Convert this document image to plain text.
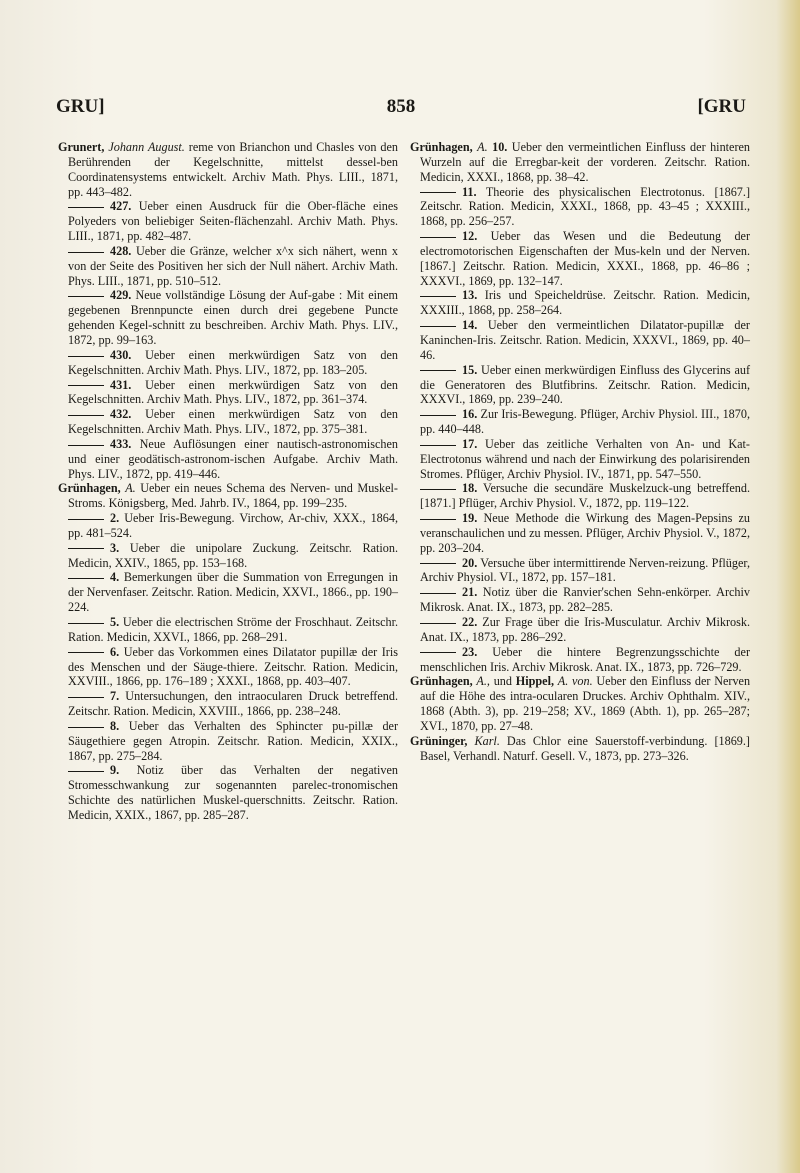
GRU]	858	[GRU

Grunert, Johann August. reme von Brianchon und Chasles von den Berührenden der Kegelschnitte, mittelst dessel-ben Coordinatensystems entwickelt. Archiv Math. Phys. LIII., 1871, pp. 443–482.

427. Ueber einen Ausdruck für die Ober-fläche eines Polyeders von beliebiger Seiten-flächenzahl. Archiv Math. Phys. LIII., 1871, pp. 482–487.

428. Ueber die Gränze, welcher x^x sich nähert, wenn x von der Seite des Positiven her sich der Null nähert. Archiv Math. Phys. LIII., 1871, pp. 510–512.

429. Neue vollständige Lösung der Auf-gabe : Mit einem gegebenen Brennpuncte einen durch drei gegebene Puncte gehenden Kegel-schnitt zu beschreiben. Archiv Math. Phys. LIV., 1872, pp. 99–163.

430. Ueber einen merkwürdigen Satz von den Kegelschnitten. Archiv Math. Phys. LIV., 1872, pp. 183–205.

431. Ueber einen merkwürdigen Satz von den Kegelschnitten. Archiv Math. Phys. LIV., 1872, pp. 361–374.

432. Ueber einen merkwürdigen Satz von den Kegelschnitten. Archiv Math. Phys. LIV., 1872, pp. 375–381.

433. Neue Auflösungen einer nautisch-astronomischen und einer geodätisch-astronom-ischen Aufgabe. Archiv Math. Phys. LIV., 1872, pp. 419–446.

Grünhagen, A. Ueber ein neues Schema des Nerven- und Muskel-Stroms. Königsberg, Med. Jahrb. IV., 1864, pp. 199–235.

2. Ueber Iris-Bewegung. Virchow, Ar-chiv, XXX., 1864, pp. 481–524.

3. Ueber die unipolare Zuckung. Zeitschr. Ration. Medicin, XXIV., 1865, pp. 153–168.

4. Bemerkungen über die Summation von Erregungen in der Nervenfaser. Zeitschr. Ration. Medicin, XXVI., 1866., pp. 190–224.

5. Ueber die electrischen Ströme der Froschhaut. Zeitschr. Ration. Medicin, XXVI., 1866, pp. 268–291.

6. Ueber das Vorkommen eines Dilatator pupillæ der Iris des Menschen und der Säuge-thiere. Zeitschr. Ration. Medicin, XXVIII., 1866, pp. 176–189 ; XXXI., 1868, pp. 403–407.

7. Untersuchungen, den intraocularen Druck betreffend. Zeitschr. Ration. Medicin, XXVIII., 1866, pp. 238–248.

8. Ueber das Verhalten des Sphincter pu-pillæ der Säugethiere gegen Atropin. Zeitschr. Ration. Medicin, XXIX., 1867, pp. 275–284.

9. Notiz über das Verhalten der negativen Stromesschwankung zur sogenannten parelec-tronomischen Schichte des natürlichen Muskel-querschnitts. Zeitschr. Ration. Medicin, XXIX., 1867, pp. 285–287.

Grünhagen, A. 10. Ueber den vermeintlichen Einfluss der hinteren Wurzeln auf die Erregbar-keit der vorderen. Zeitschr. Ration. Medicin, XXXI., 1868, pp. 38–42.

11. Theorie des physicalischen Electrotonus. [1867.] Zeitschr. Ration. Medicin, XXXI., 1868, pp. 43–45 ; XXXIII., 1868, pp. 256–257.

12. Ueber das Wesen und die Bedeutung der electromotorischen Eigenschaften der Mus-keln und der Nerven. [1867.] Zeitschr. Ration. Medicin, XXXI., 1868, pp. 46–86 ; XXXVI., 1869, pp. 132–147.

13. Iris und Speicheldrüse. Zeitschr. Ration. Medicin, XXXIII., 1868, pp. 258–264.

14. Ueber den vermeintlichen Dilatator-pupillæ der Kaninchen-Iris. Zeitschr. Ration. Medicin, XXXVI., 1869, pp. 40–46.

15. Ueber einen merkwürdigen Einfluss des Glycerins auf die Generatoren des Blutfibrins. Zeitschr. Ration. Medicin, XXXVI., 1869, pp. 239–240.

16. Zur Iris-Bewegung. Pflüger, Archiv Physiol. III., 1870, pp. 440–448.

17. Ueber das zeitliche Verhalten von An- und Kat-Electrotonus während und nach der Einwirkung des polarisirenden Stromes. Pflüger, Archiv Physiol. IV., 1871, pp. 547–550.

18. Versuche die secundäre Muskelzuck-ung betreffend. [1871.] Pflüger, Archiv Physiol. V., 1872, pp. 119–122.

19. Neue Methode die Wirkung des Magen-Pepsins zu veranschaulichen und zu messen. Pflüger, Archiv Physiol. V., 1872, pp. 203–204.

20. Versuche über intermittirende Nerven-reizung. Pflüger, Archiv Physiol. VI., 1872, pp. 157–181.

21. Notiz über die Ranvier'schen Sehn-enkörper. Archiv Mikrosk. Anat. IX., 1873, pp. 282–285.

22. Zur Frage über die Iris-Musculatur. Archiv Mikrosk. Anat. IX., 1873, pp. 286–292.

23. Ueber die hintere Begrenzungsschichte der menschlichen Iris. Archiv Mikrosk. Anat. IX., 1873, pp. 726–729.

Grünhagen, A., und Hippel, A. von. Ueber den Einfluss der Nerven auf die Höhe des intra-ocularen Druckes. Archiv Ophthalm. XIV., 1868 (Abth. 3), pp. 219–258; XV., 1869 (Abth. 1), pp. 265–287; XVI., 1870, pp. 27–48.

Grüninger, Karl. Das Chlor eine Sauerstoff-verbindung. [1869.] Basel, Verhandl. Naturf. Gesell. V., 1873, pp. 273–326.
